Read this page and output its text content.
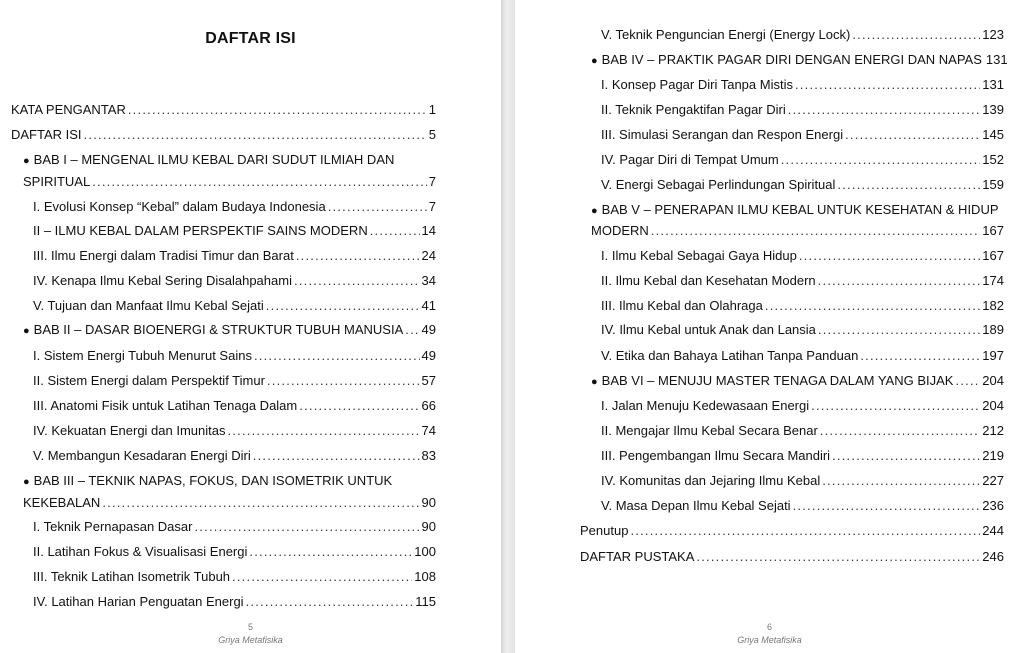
DAFTAR ISI
KATA PENGANTAR . . .	1
DAFTAR ISI . . .	5
● BAB I – MENGENAL ILMU KEBAL DARI SUDUT ILMIAH DAN
SPIRITUAL . . .	7
I. Evolusi Konsep “Kebal” dalam Budaya Indonesia . . .	7
II – ILMU KEBAL DALAM PERSPEKTIF SAINS MODERN . . .	14
III. Ilmu Energi dalam Tradisi Timur dan Barat . . .	24
IV. Kenapa Ilmu Kebal Sering Disalahpahami . . .	34
V. Tujuan dan Manfaat Ilmu Kebal Sejati . . .	41
● BAB II – DASAR BIOENERGI & STRUKTUR TUBUH MANUSIA . . . 49
I. Sistem Energi Tubuh Menurut Sains . . .	49
II. Sistem Energi dalam Perspektif Timur . . .	57
III. Anatomi Fisik untuk Latihan Tenaga Dalam . . .	66
IV. Kekuatan Energi dan Imunitas . . .	74
V. Membangun Kesadaran Energi Diri . . .	83
● BAB III – TEKNIK NAPAS, FOKUS, DAN ISOMETRIK UNTUK
KEKEBALAN . . .	90
I. Teknik Pernapasan Dasar . . .	90
II. Latihan Fokus & Visualisasi Energi . . .	100
III. Teknik Latihan Isometrik Tubuh . . .	108
IV. Latihan Harian Penguatan Energi . . .	115
5
Griya Metafisika
V. Teknik Penguncian Energi (Energy Lock) . . .	123
● BAB IV – PRAKTIK PAGAR DIRI DENGAN ENERGI DAN NAPAS 131
I. Konsep Pagar Diri Tanpa Mistis . . .	131
II. Teknik Pengaktifan Pagar Diri . . .	139
III. Simulasi Serangan dan Respon Energi . . .	145
IV. Pagar Diri di Tempat Umum . . .	152
V. Energi Sebagai Perlindungan Spiritual . . .	159
● BAB V – PENERAPAN ILMU KEBAL UNTUK KESEHATAN & HIDUP
MODERN . . .	167
I. Ilmu Kebal Sebagai Gaya Hidup . . .	167
II. Ilmu Kebal dan Kesehatan Modern . . .	174
III. Ilmu Kebal dan Olahraga . . .	182
IV. Ilmu Kebal untuk Anak dan Lansia . . .	189
V. Etika dan Bahaya Latihan Tanpa Panduan . . .	197
● BAB VI – MENUJU MASTER TENAGA DALAM YANG BIJAK . . . 204
I. Jalan Menuju Kedewasaan Energi . . .	204
II. Mengajar Ilmu Kebal Secara Benar . . .	212
III. Pengembangan Ilmu Secara Mandiri . . .	219
IV. Komunitas dan Jejaring Ilmu Kebal . . .	227
V. Masa Depan Ilmu Kebal Sejati . . .	236
Penutup . . .	244
DAFTAR PUSTAKA . . .	246
6
Griya Metafisika
